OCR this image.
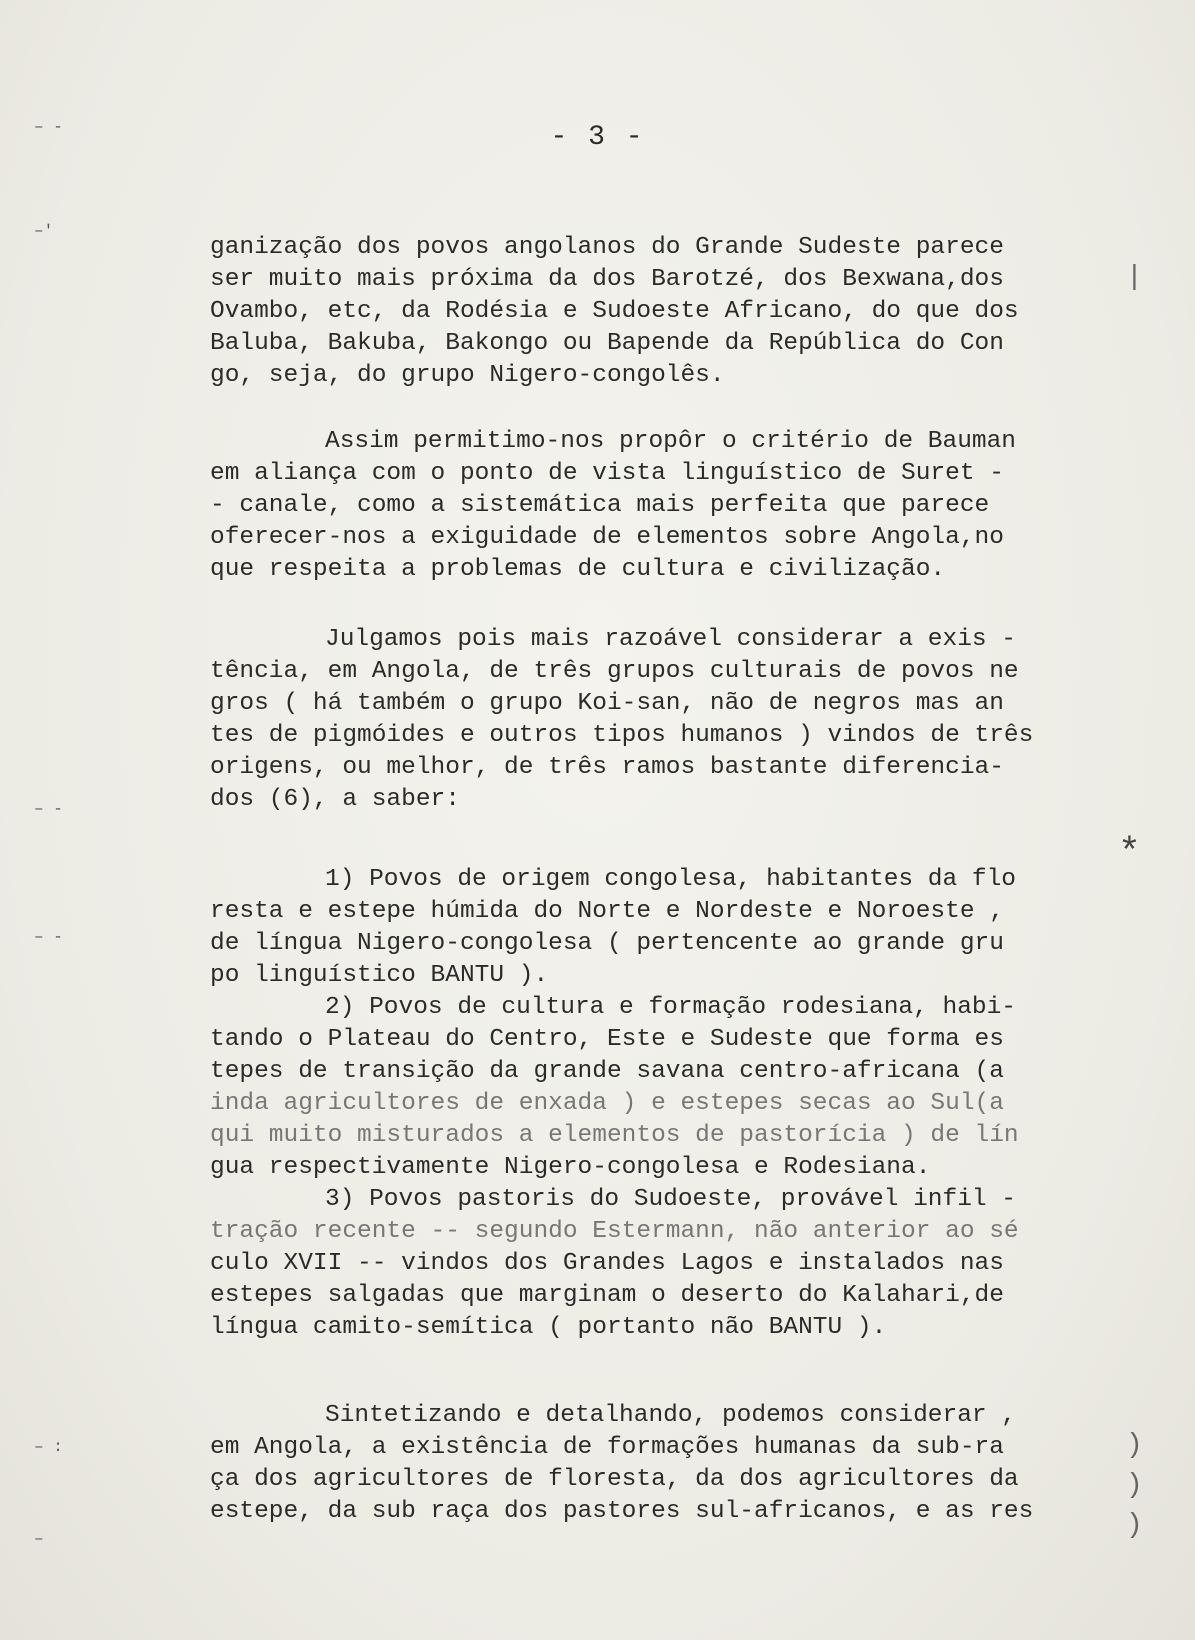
- 3 -
– -
–ʹ
– -
– -
– :
–
|
)
)
)
*
ganização dos povos angolanos do Grande Sudeste parece
ser muito mais próxima da dos Barotzé, dos Bexwana,dos
Ovambo, etc, da Rodésia e Sudoeste Africano, do que dos
Baluba, Bakuba, Bakongo ou Bapende da República do Con
go, seja, do grupo Nigero-congolês.
Assim permitimo-nos propôr o critério de Bauman
em aliança com o ponto de vista linguístico de Suret -
- canale, como a sistemática mais perfeita que parece
oferecer-nos a exiguidade de elementos sobre Angola,no
que respeita a problemas de cultura e civilização.
Julgamos pois mais razoável considerar a exis -
tência, em Angola, de três grupos culturais de povos ne
gros ( há também o grupo Koi-san, não de negros mas an
tes de pigmóides e outros tipos humanos ) vindos de três
origens, ou melhor, de três ramos bastante diferencia-
dos (6), a saber:
1) Povos de origem congolesa, habitantes da flo
resta e estepe húmida do Norte e Nordeste e Noroeste ,
de língua Nigero-congolesa ( pertencente ao grande gru
po linguístico BANTU ).
2) Povos de cultura e formação rodesiana, habi-
tando o Plateau do Centro, Este e Sudeste que forma es
tepes de transição da grande savana centro-africana (a
inda agricultores de enxada ) e estepes secas ao Sul(a
qui muito misturados a elementos de pastorícia ) de lín
gua respectivamente Nigero-congolesa e Rodesiana.
3) Povos pastoris do Sudoeste, provável infil -
tração recente -- segundo Estermann, não anterior ao sé
culo XVII -- vindos dos Grandes Lagos e instalados nas
estepes salgadas que marginam o deserto do Kalahari,de
língua camito-semítica ( portanto não BANTU ).
Sintetizando e detalhando, podemos considerar ,
em Angola, a existência de formações humanas da sub-ra
ça dos agricultores de floresta, da dos agricultores da
estepe, da sub raça dos pastores sul-africanos, e as res
